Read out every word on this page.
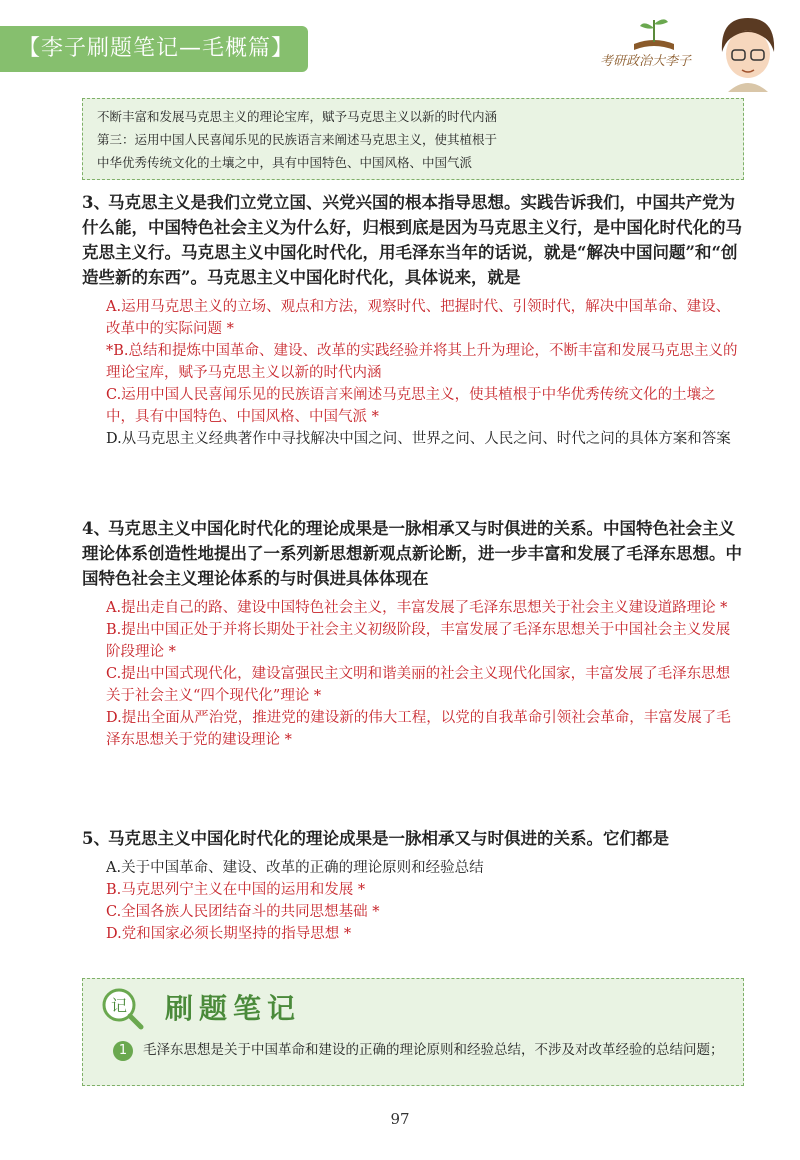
【李子刷题笔记—毛概篇】
考研政治大李子

不断丰富和发展马克思主义的理论宝库，赋予马克思主义以新的时代内涵

第三：运用中国人民喜闻乐见的民族语言来阐述马克思主义，使其植根于

中华优秀传统文化的土壤之中，具有中国特色、中国风格、中国气派

3、马克思主义是我们立党立国、兴党兴国的根本指导思想。实践告诉我们，中国共产党为什么能，中国特色社会主义为什么好，归根到底是因为马克思主义行，是中国化时代化的马克思主义行。马克思主义中国化时代化，用毛泽东当年的话说，就是“解决中国问题”和“创造些新的东西”。马克思主义中国化时代化，具体说来，就是

A.运用马克思主义的立场、观点和方法，观察时代、把握时代、引领时代，解决中国革命、建设、改革中的实际问题 *

*B.总结和提炼中国革命、建设、改革的实践经验并将其上升为理论，不断丰富和发展马克思主义的理论宝库，赋予马克思主义以新的时代内涵

C.运用中国人民喜闻乐见的民族语言来阐述马克思主义，使其植根于中华优秀传统文化的土壤之中，具有中国特色、中国风格、中国气派 *

D.从马克思主义经典著作中寻找解决中国之问、世界之问、人民之问、时代之问的具体方案和答案

4、马克思主义中国化时代化的理论成果是一脉相承又与时俱进的关系。中国特色社会主义理论体系创造性地提出了一系列新思想新观点新论断，进一步丰富和发展了毛泽东思想。中国特色社会主义理论体系的与时俱进具体体现在

A.提出走自己的路、建设中国特色社会主义，丰富发展了毛泽东思想关于社会主义建设道路理论 *

B.提出中国正处于并将长期处于社会主义初级阶段，丰富发展了毛泽东思想关于中国社会主义发展阶段理论 *

C.提出中国式现代化，建设富强民主文明和谐美丽的社会主义现代化国家，丰富发展了毛泽东思想关于社会主义“四个现代化”理论 *

D.提出全面从严治党，推进党的建设新的伟大工程，以党的自我革命引领社会革命，丰富发展了毛泽东思想关于党的建设理论 *

5、马克思主义中国化时代化的理论成果是一脉相承又与时俱进的关系。它们都是

A.关于中国革命、建设、改革的正确的理论原则和经验总结

B.马克思列宁主义在中国的运用和发展 *

C.全国各族人民团结奋斗的共同思想基础 *

D.党和国家必须长期坚持的指导思想 *

记 刷题笔记
1	毛泽东思想是关于中国革命和建设的正确的理论原则和经验总结，不涉及对改革经验的总结问题；
97
